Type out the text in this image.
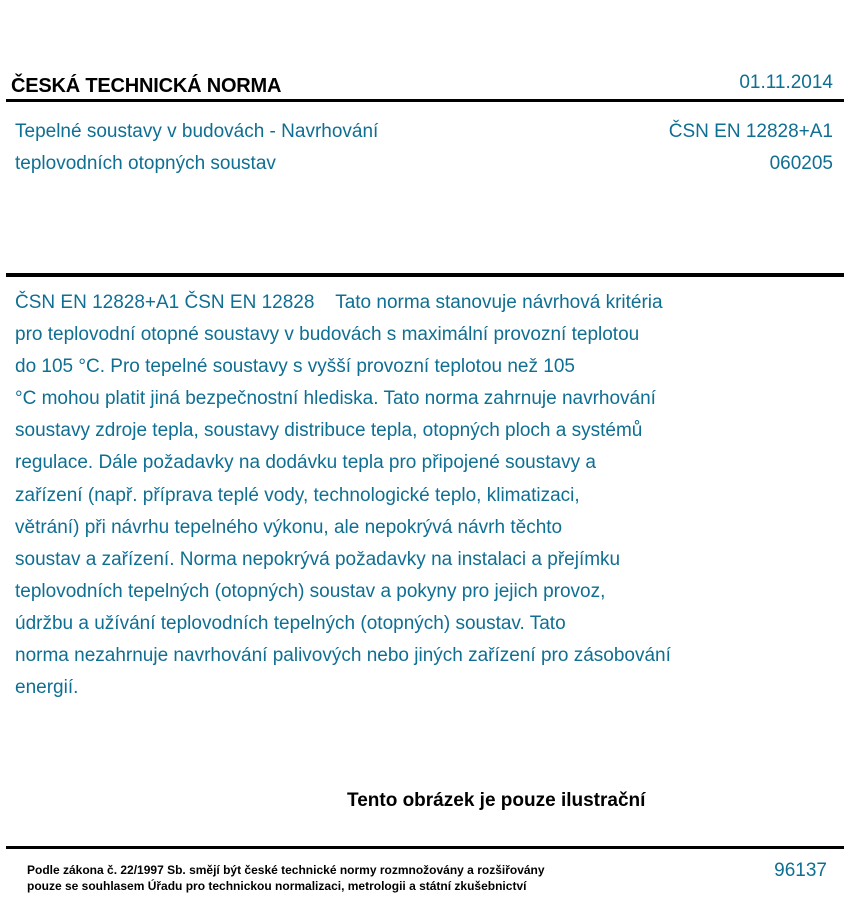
ČESKÁ TECHNICKÁ NORMA	01.11.2014
Tepelné soustavy v budovách - Navrhování
teplovodních otopných soustav
ČSN EN 12828+A1
060205
ČSN EN 12828+A1 ČSN EN 12828    Tato norma stanovuje návrhová kritéria
pro teplovodní otopné soustavy v budovách s maximální provozní teplotou
do 105 °C. Pro tepelné soustavy s vyšší provozní teplotou než 105
°C mohou platit jiná bezpečnostní hlediska. Tato norma zahrnuje navrhování
soustavy zdroje tepla, soustavy distribuce tepla, otopných ploch a systémů
regulace. Dále požadavky na dodávku tepla pro připojené soustavy a
zařízení (např. příprava teplé vody, technologické teplo, klimatizaci,
větrání) při návrhu tepelného výkonu, ale nepokrývá návrh těchto
soustav a zařízení. Norma nepokrývá požadavky na instalaci a přejímku
teplovodních tepelných (otopných) soustav a pokyny pro jejich provoz,
údržbu a užívání teplovodních tepelných (otopných) soustav. Tato
norma nezahrnuje navrhování palivových nebo jiných zařízení pro zásobování
energií.
Tento obrázek je pouze ilustrační
Podle zákona č. 22/1997 Sb. smějí být české technické normy rozmnožovány a rozšiřovány
pouze se souhlasem Úřadu pro technickou normalizaci, metrologii a státní zkušebnictví
96137
